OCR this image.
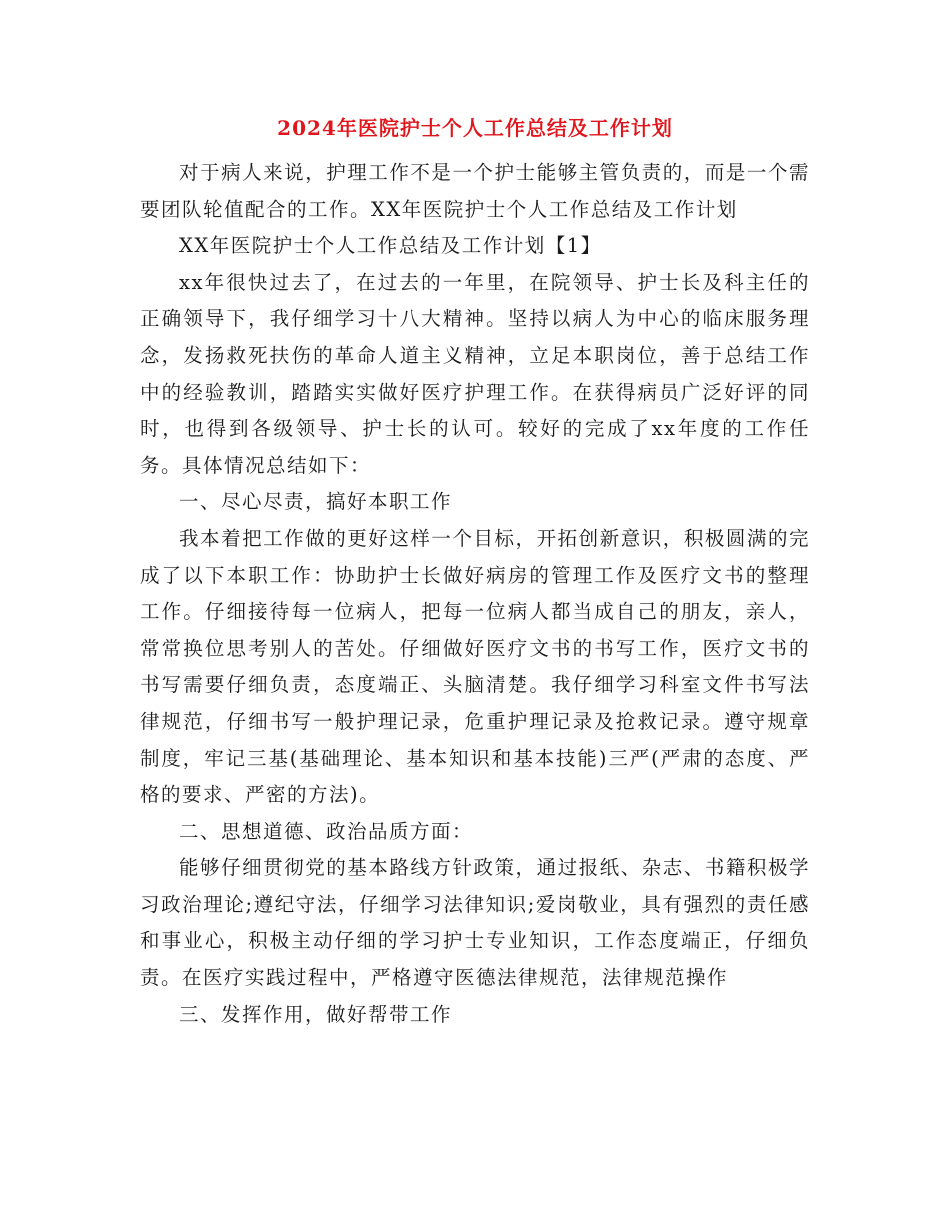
2024年医院护士个人工作总结及工作计划

对于病人来说，护理工作不是一个护士能够主管负责的，而是一个需要团队轮值配合的工作。XX年医院护士个人工作总结及工作计划

XX年医院护士个人工作总结及工作计划【1】

xx年很快过去了，在过去的一年里，在院领导、护士长及科主任的正确领导下，我仔细学习十八大精神。坚持以病人为中心的临床服务理念，发扬救死扶伤的革命人道主义精神，立足本职岗位，善于总结工作中的经验教训，踏踏实实做好医疗护理工作。在获得病员广泛好评的同时，也得到各级领导、护士长的认可。较好的完成了xx年度的工作任务。具体情况总结如下：

一、尽心尽责，搞好本职工作

我本着把工作做的更好这样一个目标，开拓创新意识，积极圆满的完成了以下本职工作：协助护士长做好病房的管理工作及医疗文书的整理工作。仔细接待每一位病人，把每一位病人都当成自己的朋友，亲人，常常换位思考别人的苦处。仔细做好医疗文书的书写工作，医疗文书的书写需要仔细负责，态度端正、头脑清楚。我仔细学习科室文件书写法律规范，仔细书写一般护理记录，危重护理记录及抢救记录。遵守规章制度，牢记三基(基础理论、基本知识和基本技能)三严(严肃的态度、严格的要求、严密的方法)。

二、思想道德、政治品质方面：

能够仔细贯彻党的基本路线方针政策，通过报纸、杂志、书籍积极学习政治理论;遵纪守法，仔细学习法律知识;爱岗敬业，具有强烈的责任感和事业心，积极主动仔细的学习护士专业知识，工作态度端正，仔细负责。在医疗实践过程中，严格遵守医德法律规范，法律规范操作

三、发挥作用，做好帮带工作
